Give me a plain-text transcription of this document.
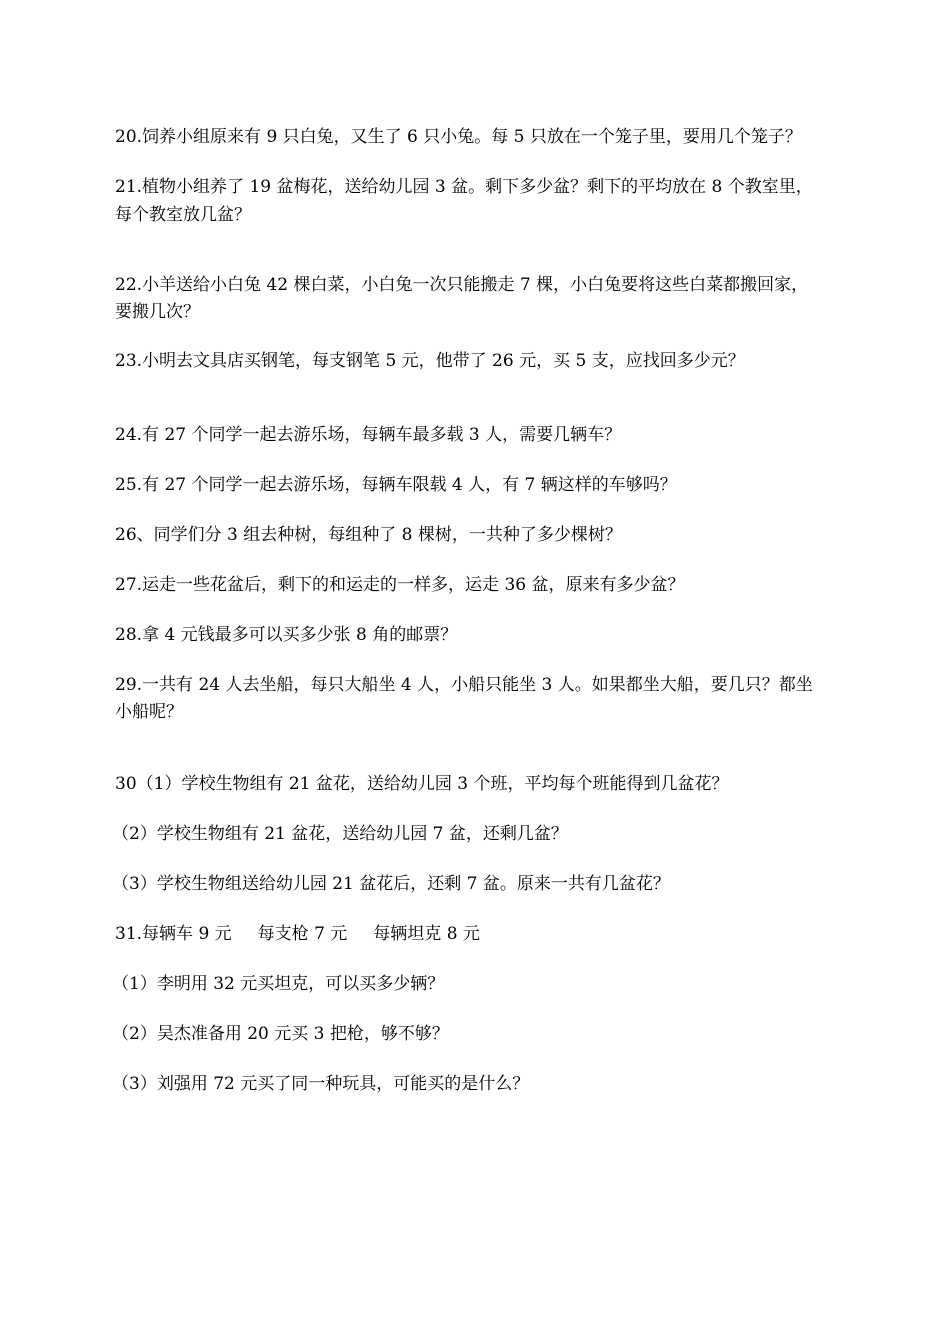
20.饲养小组原来有 9 只白兔，又生了 6 只小兔。每 5 只放在一个笼子里，要用几个笼子？
21.植物小组养了 19 盆梅花，送给幼儿园 3 盆。剩下多少盆？剩下的平均放在 8 个教室里，
每个教室放几盆？
22.小羊送给小白兔 42 棵白菜，小白兔一次只能搬走 7 棵，小白兔要将这些白菜都搬回家，
要搬几次？
23.小明去文具店买钢笔，每支钢笔 5 元，他带了 26 元，买 5 支，应找回多少元？
24.有 27 个同学一起去游乐场，每辆车最多载 3 人，需要几辆车？
25.有 27 个同学一起去游乐场，每辆车限载 4 人，有 7 辆这样的车够吗？
26、同学们分 3 组去种树，每组种了 8 棵树，一共种了多少棵树？
27.运走一些花盆后，剩下的和运走的一样多，运走 36 盆，原来有多少盆？
28.拿 4 元钱最多可以买多少张 8 角的邮票？
29.一共有 24 人去坐船，每只大船坐 4 人，小船只能坐 3 人。如果都坐大船，要几只？都坐
小船呢？
30（1）学校生物组有 21 盆花，送给幼儿园 3 个班，平均每个班能得到几盆花？
（2）学校生物组有 21 盆花，送给幼儿园 7 盆，还剩几盆？
（3）学校生物组送给幼儿园 21 盆花后，还剩 7 盆。原来一共有几盆花？
31.每辆车 9 元 每支枪 7 元 每辆坦克 8 元
（1）李明用 32 元买坦克，可以买多少辆？
（2）吴杰准备用 20 元买 3 把枪，够不够？
（3）刘强用 72 元买了同一种玩具，可能买的是什么？
